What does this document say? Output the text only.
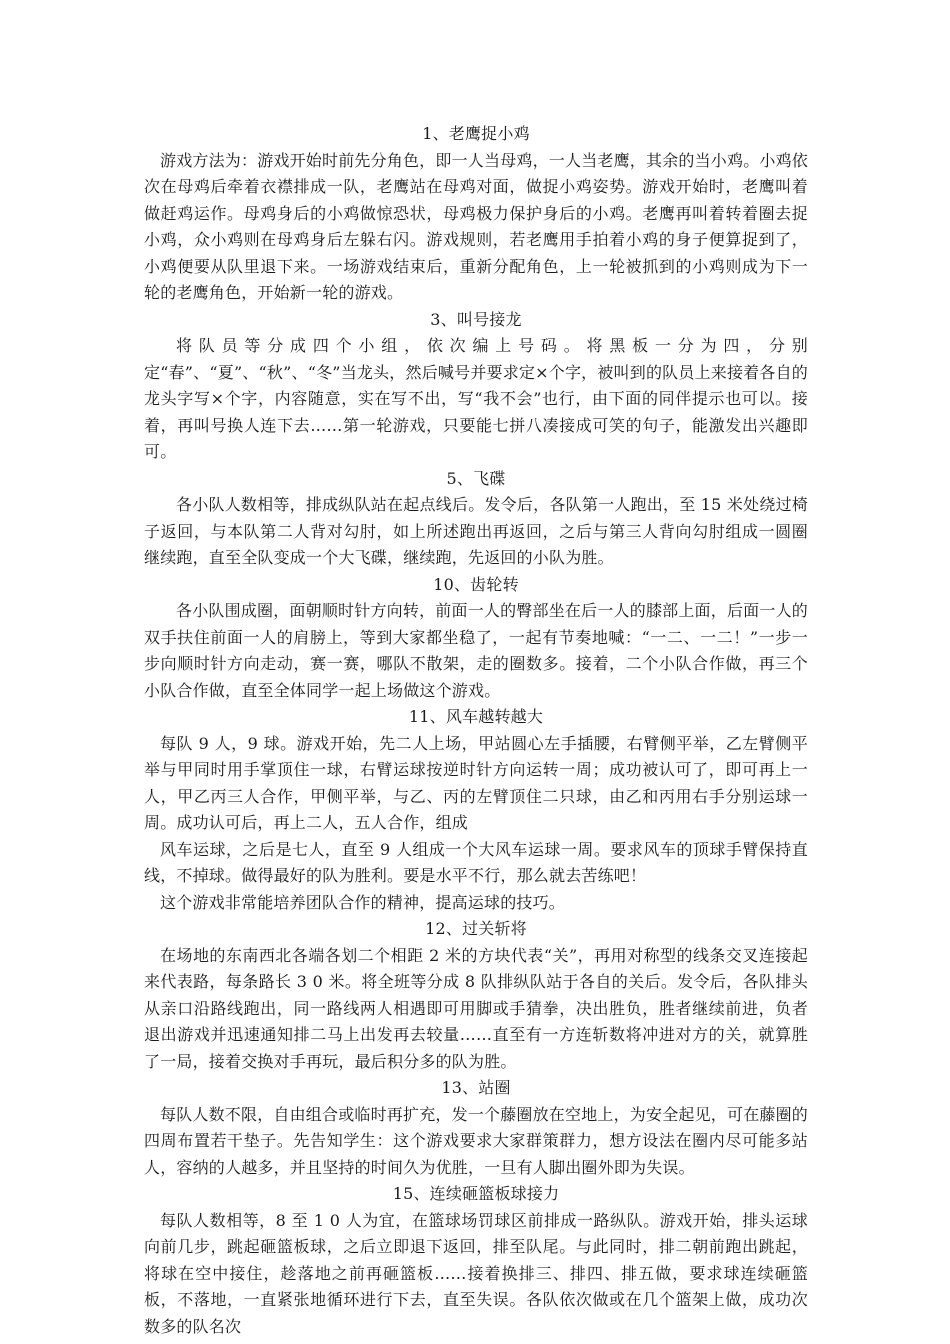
1、老鹰捉小鸡

游戏方法为：游戏开始时前先分角色，即一人当母鸡，一人当老鹰，其余的当小鸡。小鸡依次在母鸡后牵着衣襟排成一队，老鹰站在母鸡对面，做捉小鸡姿势。游戏开始时，老鹰叫着做赶鸡运作。母鸡身后的小鸡做惊恐状，母鸡极力保护身后的小鸡。老鹰再叫着转着圈去捉小鸡，众小鸡则在母鸡身后左躲右闪。游戏规则，若老鹰用手拍着小鸡的身子便算捉到了，小鸡便要从队里退下来。一场游戏结束后，重新分配角色，上一轮被抓到的小鸡则成为下一轮的老鹰角色，开始新一轮的游戏。

3、叫号接龙

将队员等分成四个小组，依次编上号码。将黑板一分为四，分别定“春”、“夏”、“秋”、“冬”当龙头，然后喊号并要求定×个字，被叫到的队员上来接着各自的龙头字写×个字，内容随意，实在写不出，写“我不会”也行，由下面的同伴提示也可以。接着，再叫号换人连下去……第一轮游戏，只要能七拼八凑接成可笑的句子，能激发出兴趣即可。

5、飞碟

各小队人数相等，排成纵队站在起点线后。发令后，各队第一人跑出，至 15 米处绕过椅子返回，与本队第二人背对勾肘，如上所述跑出再返回，之后与第三人背向勾肘组成一圆圈继续跑，直至全队变成一个大飞碟，继续跑，先返回的小队为胜。

10、齿轮转

各小队围成圈，面朝顺时针方向转，前面一人的臀部坐在后一人的膝部上面，后面一人的双手扶住前面一人的肩膀上，等到大家都坐稳了，一起有节奏地喊：“一二、一二！”一步一步向顺时针方向走动，赛一赛，哪队不散架，走的圈数多。接着，二个小队合作做，再三个小队合作做，直至全体同学一起上场做这个游戏。

11、风车越转越大

每队 9 人，9 球。游戏开始，先二人上场，甲站圆心左手插腰，右臂侧平举，乙左臂侧平举与甲同时用手掌顶住一球，右臂运球按逆时针方向运转一周；成功被认可了，即可再上一人，甲乙丙三人合作，甲侧平举，与乙、丙的左臂顶住二只球，由乙和丙用右手分别运球一周。成功认可后，再上二人，五人合作，组成

风车运球，之后是七人，直至 9 人组成一个大风车运球一周。要求风车的顶球手臂保持直线，不掉球。做得最好的队为胜利。要是水平不行，那么就去苦练吧！

这个游戏非常能培养团队合作的精神，提高运球的技巧。

12、过关斩将

在场地的东南西北各端各划二个相距 2 米的方块代表“关”，再用对称型的线条交叉连接起来代表路，每条路长 3 0 米。将全班等分成 8 队排纵队站于各自的关后。发令后，各队排头从亲口沿路线跑出，同一路线两人相遇即可用脚或手猜拳，决出胜负，胜者继续前进，负者退出游戏并迅速通知排二马上出发再去较量……直至有一方连斩数将冲进对方的关，就算胜了一局，接着交换对手再玩，最后积分多的队为胜。

13、站圈

每队人数不限，自由组合或临时再扩充，发一个藤圈放在空地上，为安全起见，可在藤圈的四周布置若干垫子。先告知学生：这个游戏要求大家群策群力，想方设法在圈内尽可能多站人，容纳的人越多，并且坚持的时间久为优胜，一旦有人脚出圈外即为失误。

15、连续砸篮板球接力

每队人数相等，8 至 1 0 人为宜，在篮球场罚球区前排成一路纵队。游戏开始，排头运球向前几步，跳起砸篮板球，之后立即退下返回，排至队尾。与此同时，排二朝前跑出跳起，将球在空中接住，趁落地之前再砸篮板……接着换排三、排四、排五做，要求球连续砸篮板，不落地，一直紧张地循环进行下去，直至失误。各队依次做或在几个篮架上做，成功次数多的队名次
